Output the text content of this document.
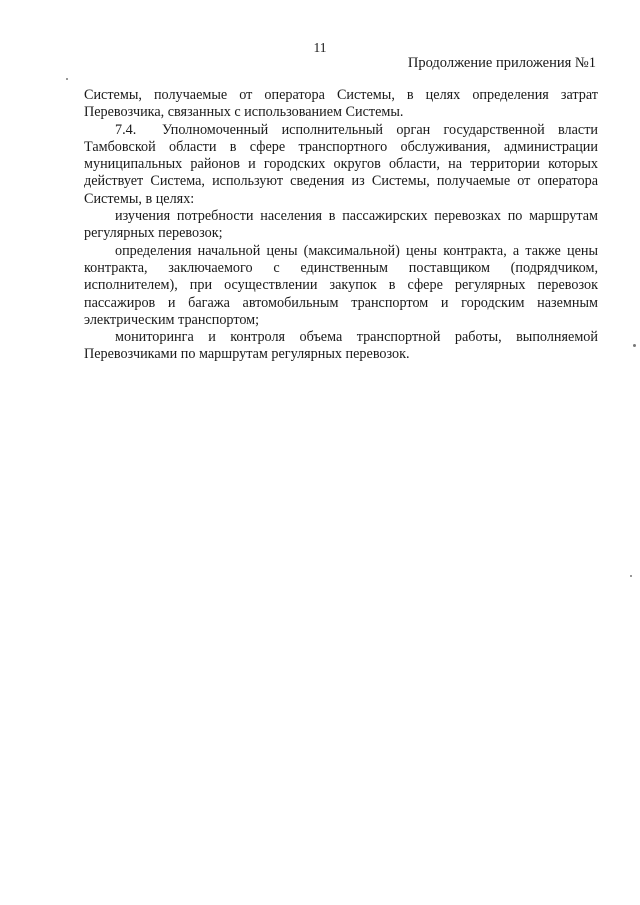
11
Продолжение приложения №1

Системы, получаемые от оператора Системы, в целях определения затрат Перевозчика, связанных с использованием Системы.

7.4. Уполномоченный исполнительный орган государственной власти Тамбовской области в сфере транспортного обслуживания, администрации муниципальных районов и городских округов области, на территории которых действует Система, используют сведения из Системы, получаемые от оператора Системы, в целях:

изучения потребности населения в пассажирских перевозках по маршрутам регулярных перевозок;

определения начальной цены (максимальной) цены контракта, а также цены контракта, заключаемого с единственным поставщиком (подрядчиком, исполнителем), при осуществлении закупок в сфере регулярных перевозок пассажиров и багажа автомобильным транспортом и городским наземным электрическим транспортом;

мониторинга и контроля объема транспортной работы, выполняемой Перевозчиками по маршрутам регулярных перевозок.
